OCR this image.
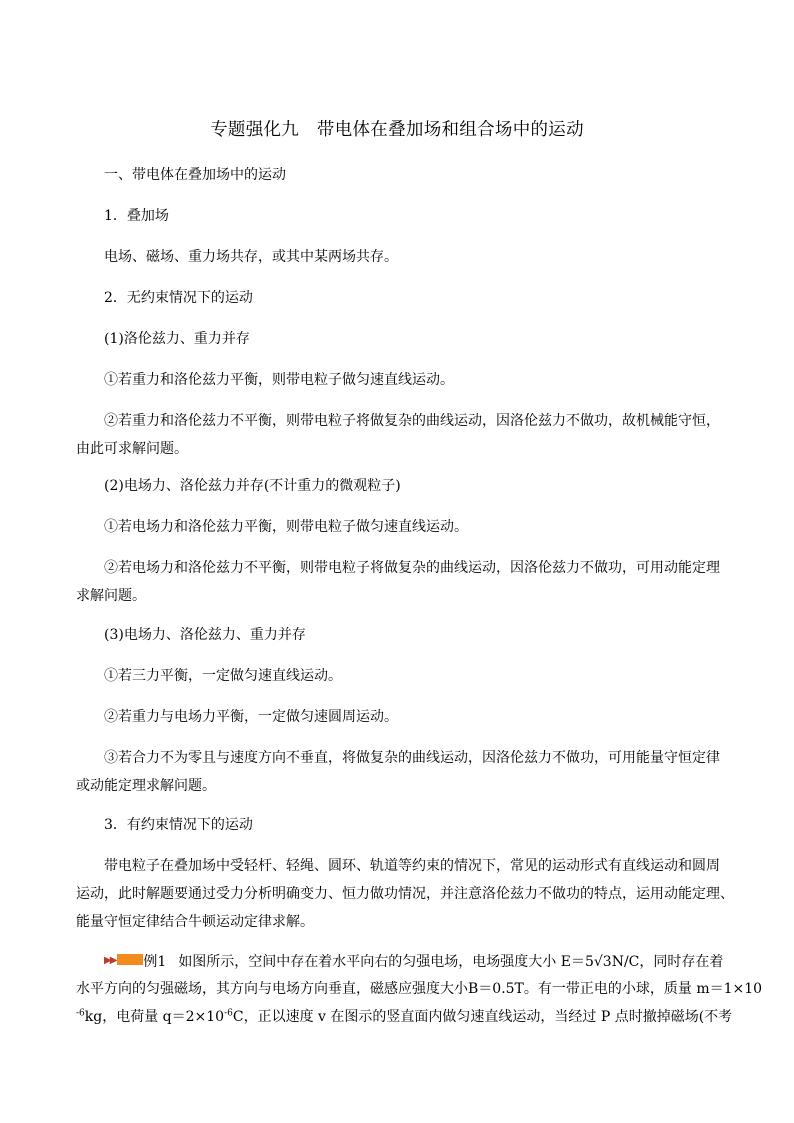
专题强化九　带电体在叠加场和组合场中的运动
一、带电体在叠加场中的运动
1．叠加场
电场、磁场、重力场共存，或其中某两场共存。
2．无约束情况下的运动
(1)洛伦兹力、重力并存
①若重力和洛伦兹力平衡，则带电粒子做匀速直线运动。
②若重力和洛伦兹力不平衡，则带电粒子将做复杂的曲线运动，因洛伦兹力不做功，故机械能守恒，
由此可求解问题。
(2)电场力、洛伦兹力并存(不计重力的微观粒子)
①若电场力和洛伦兹力平衡，则带电粒子做匀速直线运动。
②若电场力和洛伦兹力不平衡，则带电粒子将做复杂的曲线运动，因洛伦兹力不做功，可用动能定理
求解问题。
(3)电场力、洛伦兹力、重力并存
①若三力平衡，一定做匀速直线运动。
②若重力与电场力平衡，一定做匀速圆周运动。
③若合力不为零且与速度方向不垂直，将做复杂的曲线运动，因洛伦兹力不做功，可用能量守恒定律
或动能定理求解问题。
3．有约束情况下的运动
带电粒子在叠加场中受轻杆、轻绳、圆环、轨道等约束的情况下，常见的运动形式有直线运动和圆周
运动，此时解题要通过受力分析明确变力、恒力做功情况，并注意洛伦兹力不做功的特点，运用动能定理、
能量守恒定律结合牛顿运动定律求解。
▶▶ 例1 如图所示，空间中存在着水平向右的匀强电场，电场强度大小 E＝5√3N/C，同时存在着
水平方向的匀强磁场，其方向与电场方向垂直，磁感应强度大小B＝0.5T。有一带正电的小球，质量 m＝1×10
$^{-6}$kg，电荷量 $q=2\times 10^{-6}C$，正以速度 v 在图示的竖直面内做匀速直线运动，当经过 P 点时撤掉磁场(不考
